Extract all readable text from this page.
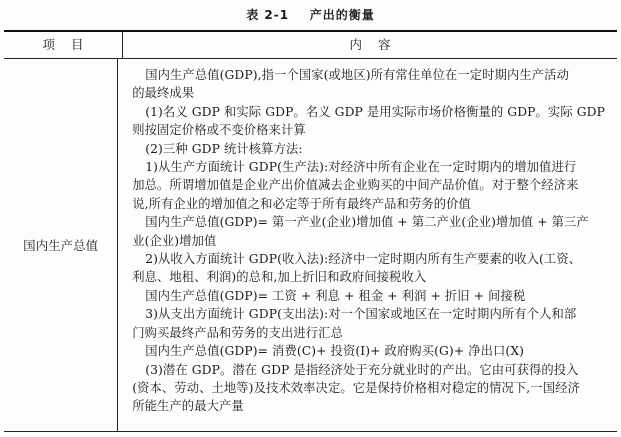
表 2-1    产出的衡量
项    目	内    容
国内生产总值
国内生产总值(GDP),指一个国家(或地区)所有常住单位在一定时期内生产活动
的最终成果
(1)名义 GDP 和实际 GDP。名义 GDP 是用实际市场价格衡量的 GDP。实际 GDP
则按固定价格或不变价格来计算
(2)三种 GDP 统计核算方法:
1)从生产方面统计 GDP(生产法):对经济中所有企业在一定时期内的增加值进行
加总。所谓增加值是企业产出价值减去企业购买的中间产品价值。对于整个经济来
说,所有企业的增加值之和必定等于所有最终产品和劳务的价值
国内生产总值(GDP)= 第一产业(企业)增加值 + 第二产业(企业)增加值 + 第三产
业(企业)增加值
2)从收入方面统计 GDP(收入法):经济中一定时期内所有生产要素的收入(工资、
利息、地租、利润)的总和,加上折旧和政府间接税收入
国内生产总值(GDP)= 工资 + 利息 + 租金 + 利润 + 折旧 + 间接税
3)从支出方面统计 GDP(支出法):对一个国家或地区在一定时期内所有个人和部
门购买最终产品和劳务的支出进行汇总
国内生产总值(GDP)= 消费(C)+ 投资(I)+ 政府购买(G)+ 净出口(X)
(3)潜在 GDP。潜在 GDP 是指经济处于充分就业时的产出。它由可获得的投入
(资本、劳动、土地等)及技术效率决定。它是保持价格相对稳定的情况下,一国经济
所能生产的最大产量
